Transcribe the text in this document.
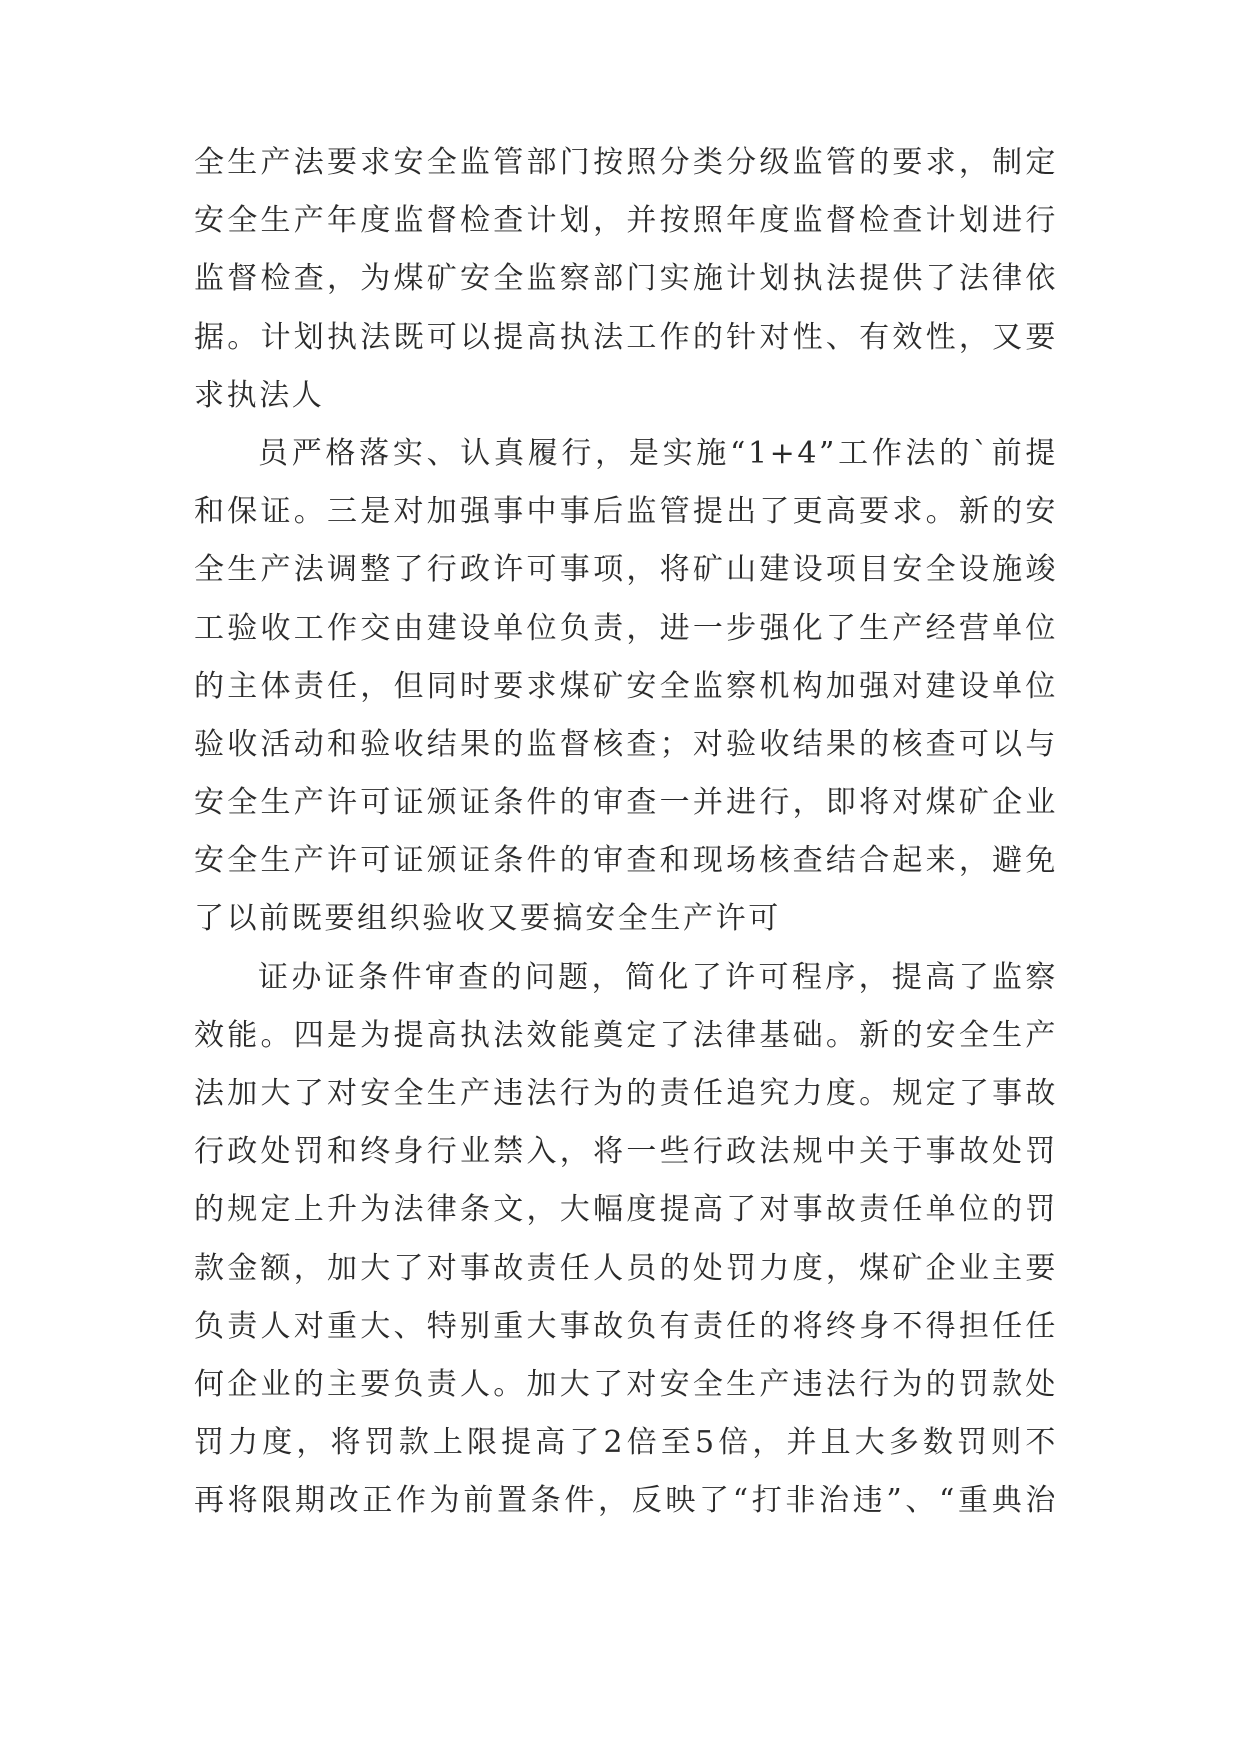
全生产法要求安全监管部门按照分类分级监管的要求，制定
安全生产年度监督检查计划，并按照年度监督检查计划进行
监督检查，为煤矿安全监察部门实施计划执法提供了法律依
据。计划执法既可以提高执法工作的针对性、有效性，又要
求执法人
员严格落实、认真履行，是实施“1+4”工作法的`前提
和保证。三是对加强事中事后监管提出了更高要求。新的安
全生产法调整了行政许可事项，将矿山建设项目安全设施竣
工验收工作交由建设单位负责，进一步强化了生产经营单位
的主体责任，但同时要求煤矿安全监察机构加强对建设单位
验收活动和验收结果的监督核查；对验收结果的核查可以与
安全生产许可证颁证条件的审查一并进行，即将对煤矿企业
安全生产许可证颁证条件的审查和现场核查结合起来，避免
了以前既要组织验收又要搞安全生产许可
证办证条件审查的问题，简化了许可程序，提高了监察
效能。四是为提高执法效能奠定了法律基础。新的安全生产
法加大了对安全生产违法行为的责任追究力度。规定了事故
行政处罚和终身行业禁入，将一些行政法规中关于事故处罚
的规定上升为法律条文，大幅度提高了对事故责任单位的罚
款金额，加大了对事故责任人员的处罚力度，煤矿企业主要
负责人对重大、特别重大事故负有责任的将终身不得担任任
何企业的主要负责人。加大了对安全生产违法行为的罚款处
罚力度，将罚款上限提高了2倍至5倍，并且大多数罚则不
再将限期改正作为前置条件，反映了“打非治违”、“重典治
